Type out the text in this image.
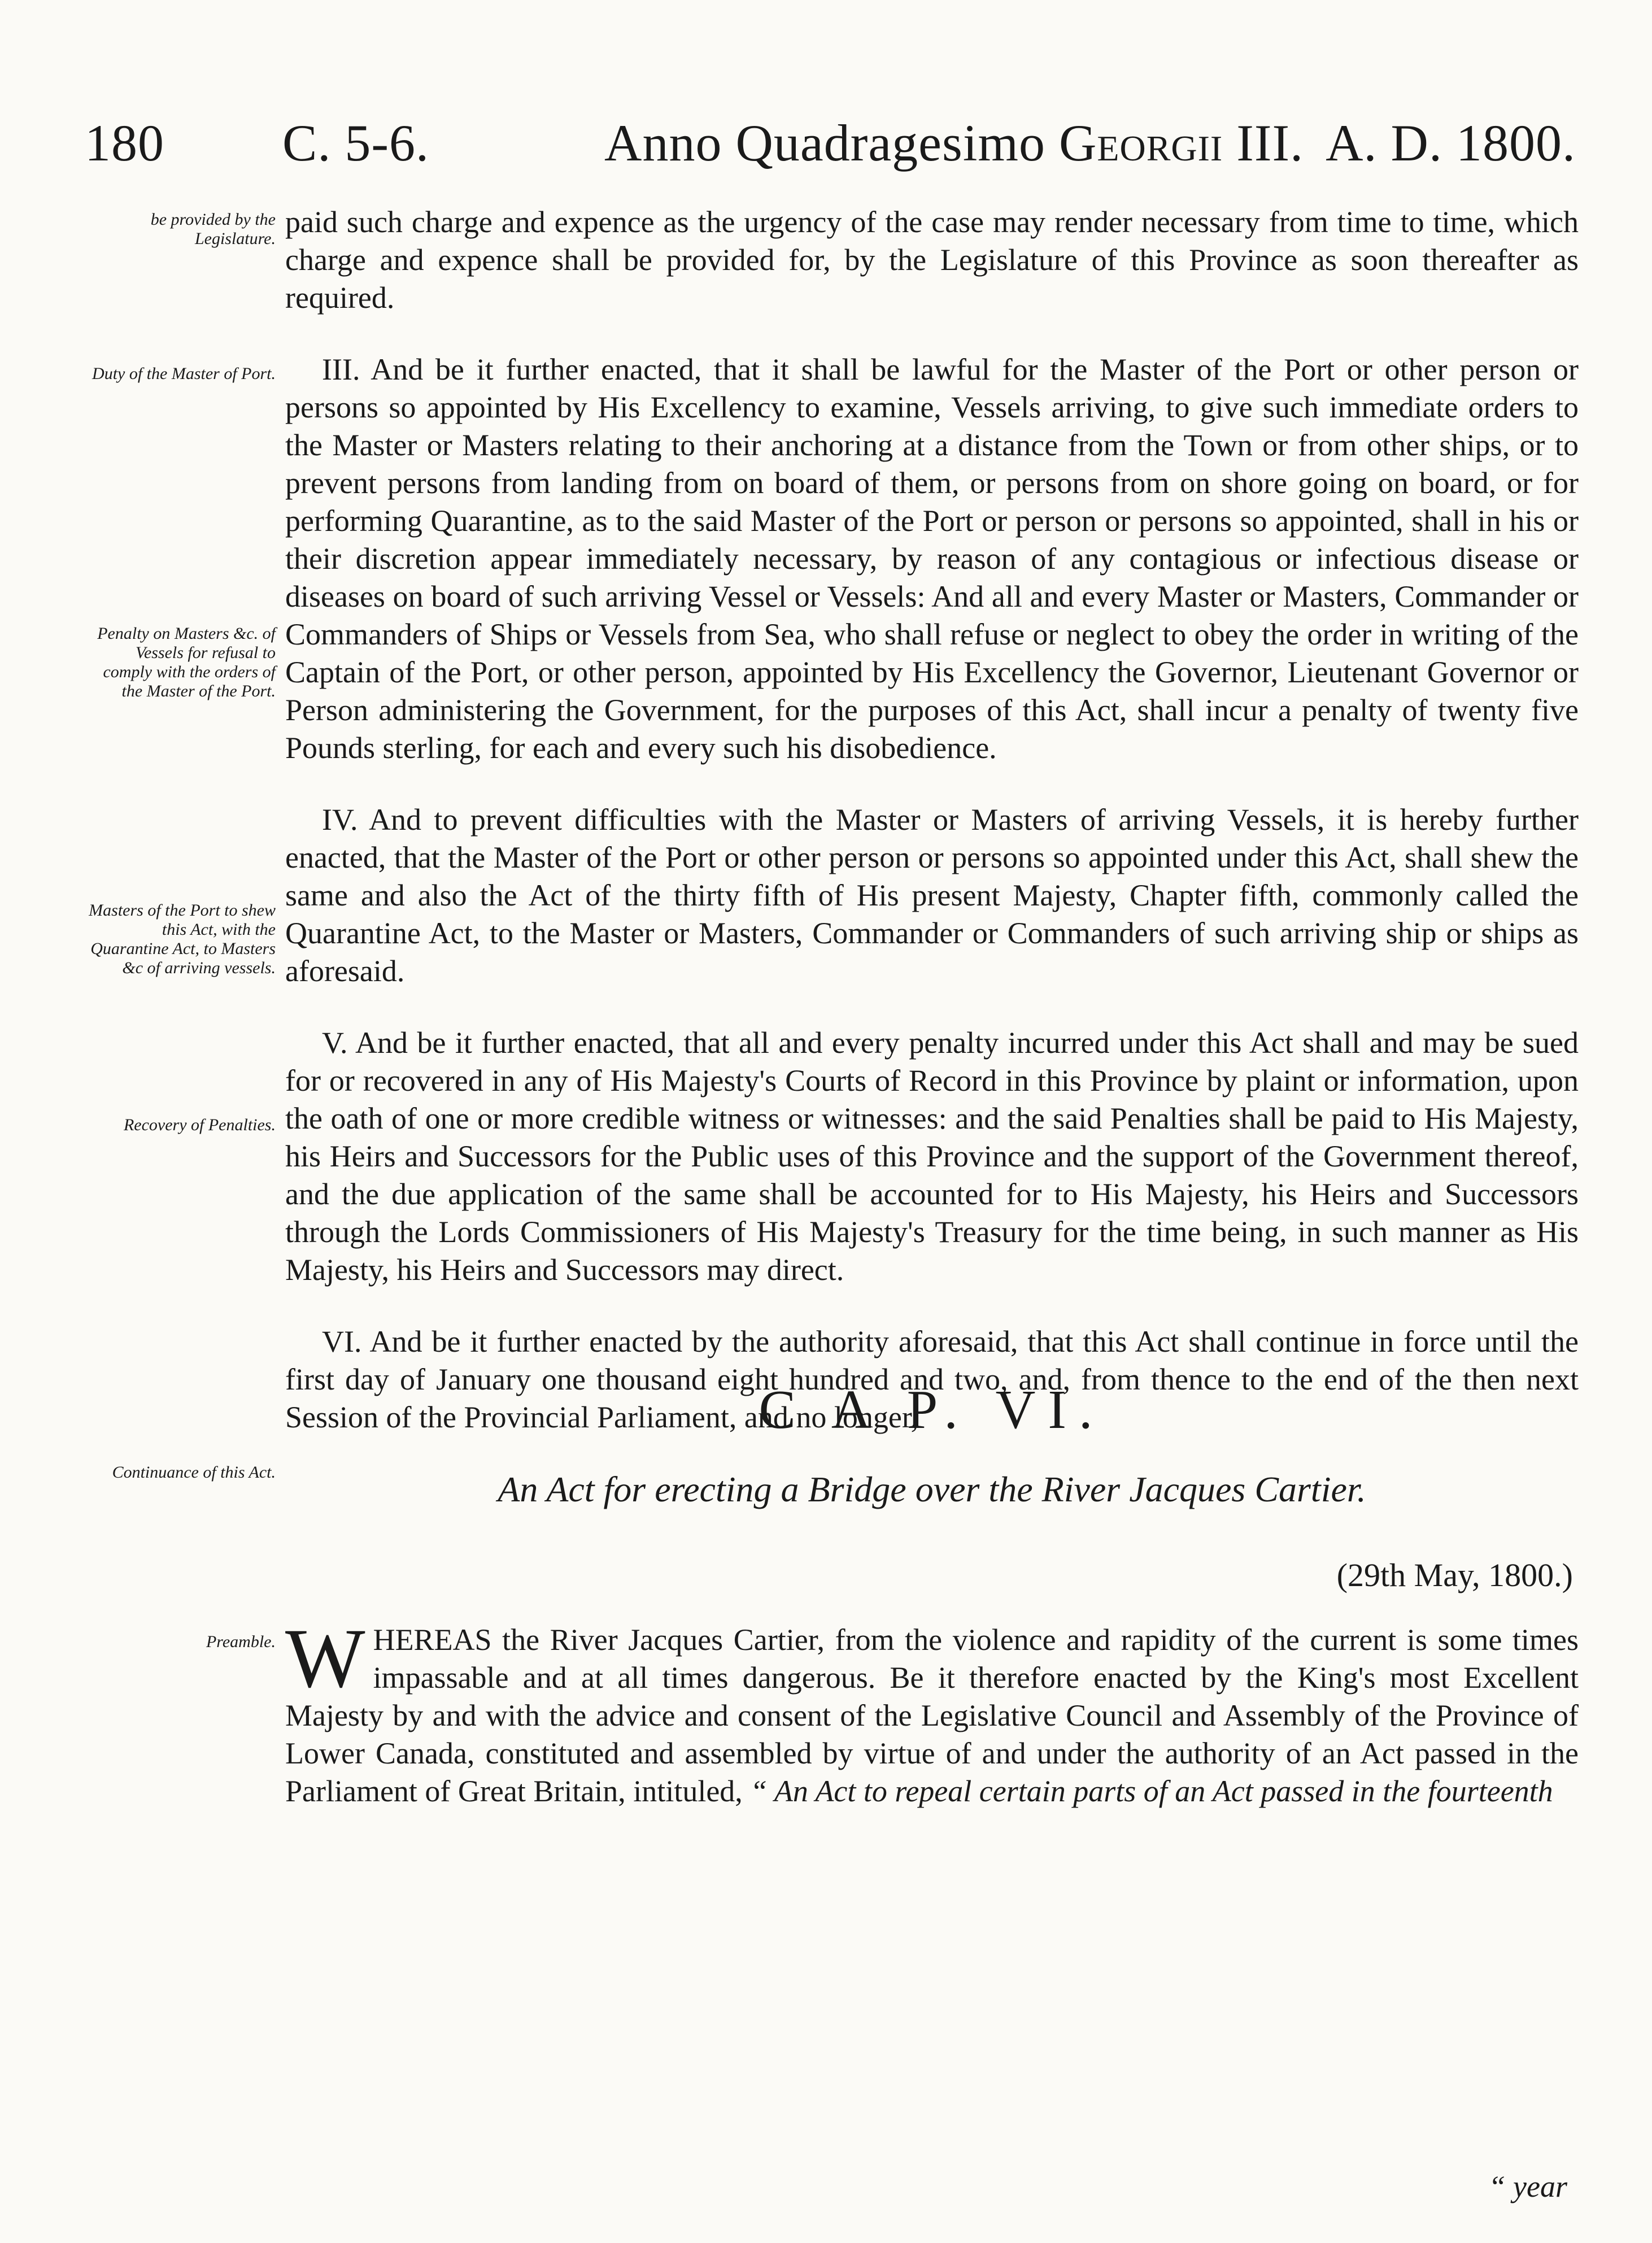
180 C. 5-6.	Anno Quadragesimo Georgii III. A. D. 1800.
be provided by the Legislature.
Duty of the Master of Port.
Penalty on Masters &c. of Vessels for refusal to comply with the orders of the Master of the Port.
Masters of the Port to shew this Act, with the Quarantine Act, to Masters &c of arriving vessels.
Recovery of Penalties.
Continuance of this Act.
Preamble.

paid such charge and expence as the urgency of the case may render necessary from time to time, which charge and expence shall be provided for, by the Legislature of this Province as soon thereafter as required.

III. And be it further enacted, that it shall be lawful for the Master of the Port or other person or persons so appointed by His Excellency to examine, Vessels arriving, to give such immediate orders to the Master or Masters relating to their anchoring at a distance from the Town or from other ships, or to prevent persons from landing from on board of them, or persons from on shore going on board, or for performing Quarantine, as to the said Master of the Port or person or persons so appointed, shall in his or their discretion appear immediately necessary, by reason of any contagious or infectious disease or diseases on board of such arriving Vessel or Vessels: And all and every Master or Masters, Commander or Commanders of Ships or Vessels from Sea, who shall refuse or neglect to obey the order in writing of the Captain of the Port, or other person, appointed by His Excellency the Governor, Lieutenant Governor or Person administering the Government, for the purposes of this Act, shall incur a penalty of twenty five Pounds sterling, for each and every such his disobedience.

IV. And to prevent difficulties with the Master or Masters of arriving Vessels, it is hereby further enacted, that the Master of the Port or other person or persons so appointed under this Act, shall shew the same and also the Act of the thirty fifth of His present Majesty, Chapter fifth, commonly called the Quarantine Act, to the Master or Masters, Commander or Commanders of such arriving ship or ships as aforesaid.

V. And be it further enacted, that all and every penalty incurred under this Act shall and may be sued for or recovered in any of His Majesty's Courts of Record in this Province by plaint or information, upon the oath of one or more credible witness or witnesses: and the said Penalties shall be paid to His Majesty, his Heirs and Successors for the Public uses of this Province and the support of the Government thereof, and the due application of the same shall be accounted for to His Majesty, his Heirs and Successors through the Lords Commissioners of His Majesty's Treasury for the time being, in such manner as His Majesty, his Heirs and Successors may direct.

VI. And be it further enacted by the authority aforesaid, that this Act shall continue in force until the first day of January one thousand eight hundred and two, and, from thence to the end of the then next Session of the Provincial Parliament, and no longer,

C A P. VI.
An Act for erecting a Bridge over the River Jacques Cartier.
(29th May, 1800.)
WHEREAS the River Jacques Cartier, from the violence and rapidity of the current is some times impassable and at all times dangerous. Be it therefore enacted by the King's most Excellent Majesty by and with the advice and consent of the Legislative Council and Assembly of the Province of Lower Canada, constituted and assembled by virtue of and under the authority of an Act passed in the Parliament of Great Britain, intituled, “ An Act to repeal certain parts of an Act passed in the fourteenth
“ year
